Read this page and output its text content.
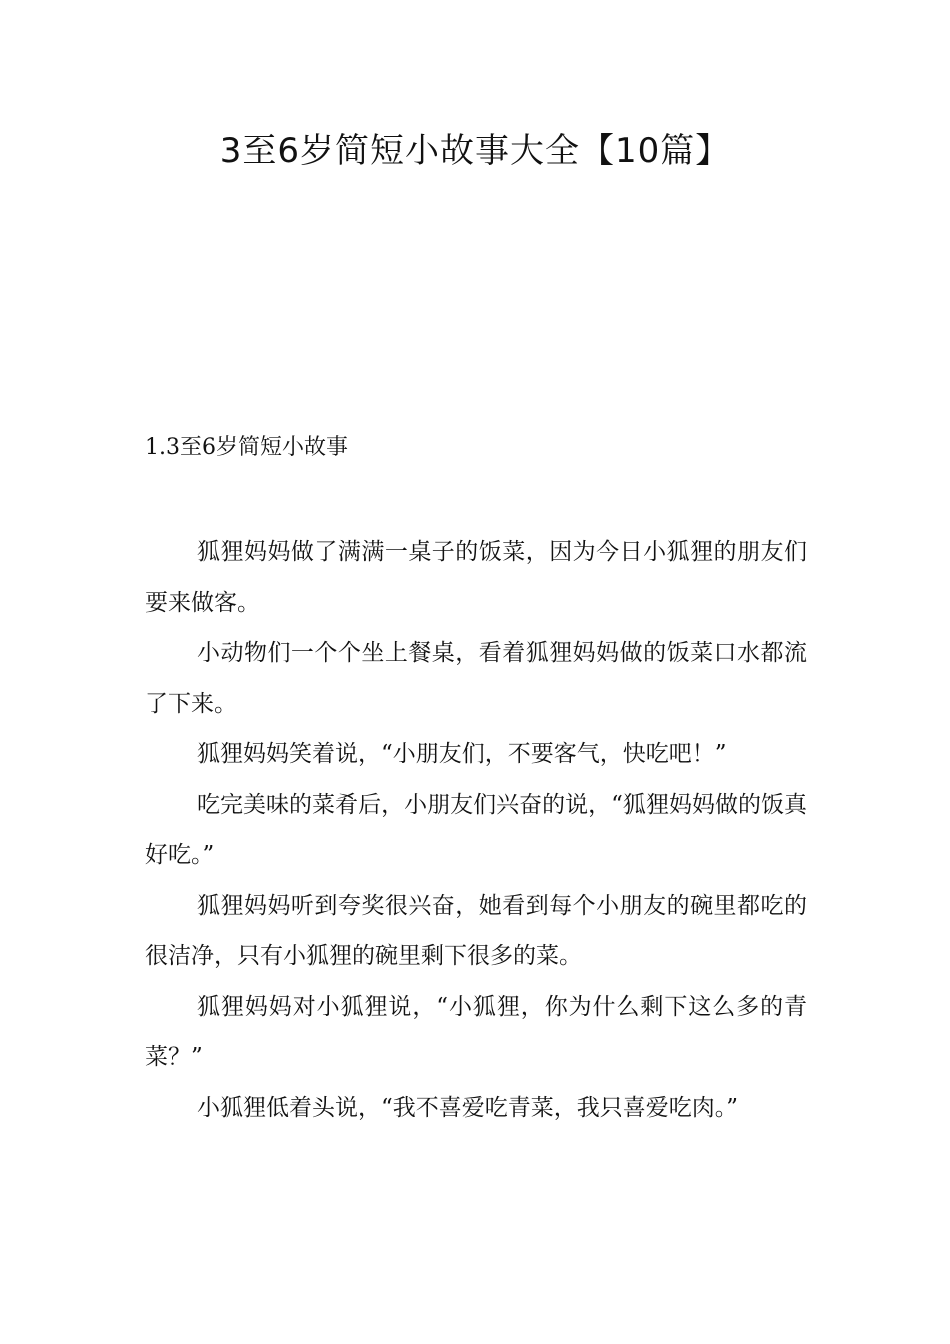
3至6岁简短小故事大全【10篇】
1.3至6岁简短小故事

狐狸妈妈做了满满一桌子的饭菜，因为今日小狐狸的朋友们要来做客。

小动物们一个个坐上餐桌，看着狐狸妈妈做的饭菜口水都流了下来。

狐狸妈妈笑着说，“小朋友们，不要客气，快吃吧！”

吃完美味的菜肴后，小朋友们兴奋的说，“狐狸妈妈做的饭真好吃。”

狐狸妈妈听到夸奖很兴奋，她看到每个小朋友的碗里都吃的很洁净，只有小狐狸的碗里剩下很多的菜。

狐狸妈妈对小狐狸说，“小狐狸，你为什么剩下这么多的青菜？”

小狐狸低着头说，“我不喜爱吃青菜，我只喜爱吃肉。”
